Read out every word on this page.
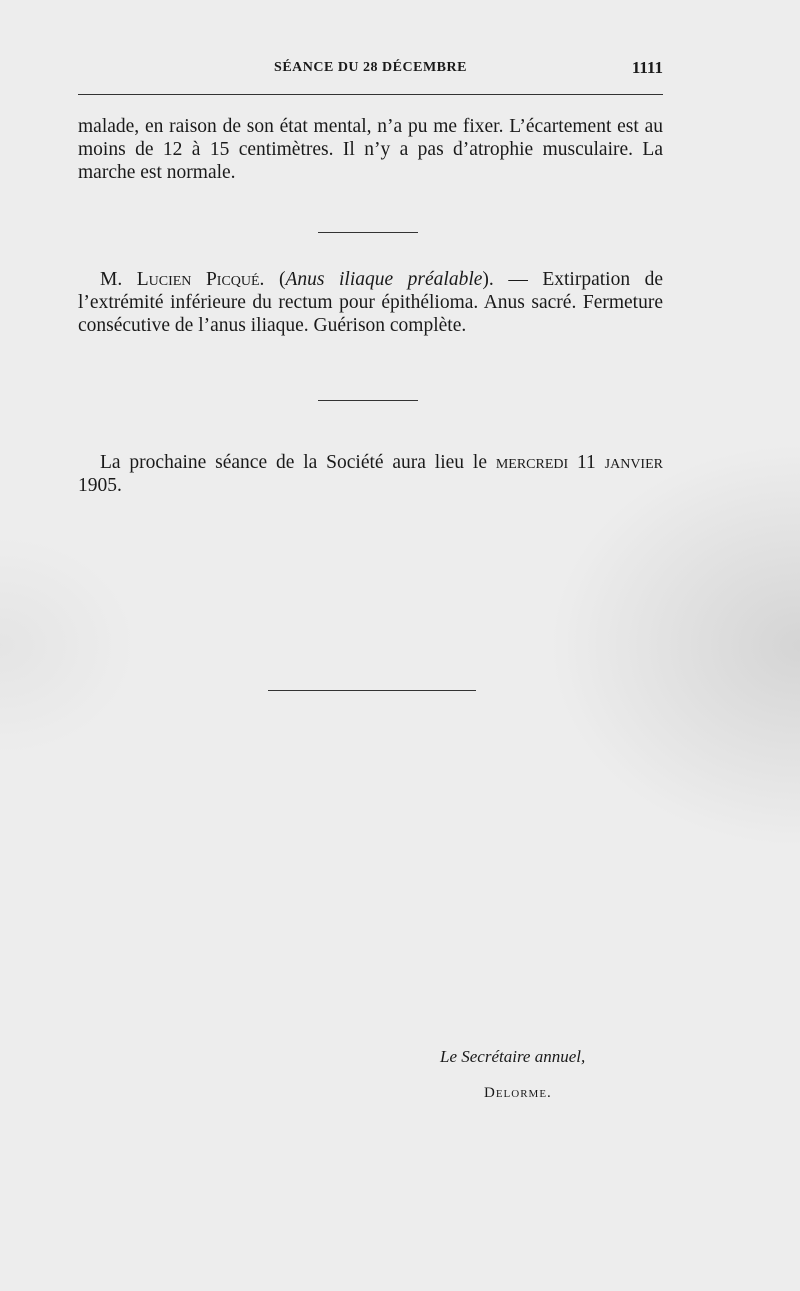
SÉANCE DU 28 DÉCEMBRE	1111
malade, en raison de son état mental, n’a pu me fixer. L’écartement est au moins de 12 à 15 centimètres. Il n’y a pas d’atrophie musculaire. La marche est normale.
M. Lucien Picqué. (Anus iliaque préalable). — Extirpation de l’extrémité inférieure du rectum pour épithélioma. Anus sacré. Fermeture consécutive de l’anus iliaque. Guérison complète.
La prochaine séance de la Société aura lieu le mercredi 11 janvier 1905.
Le Secrétaire annuel,
Delorme.
